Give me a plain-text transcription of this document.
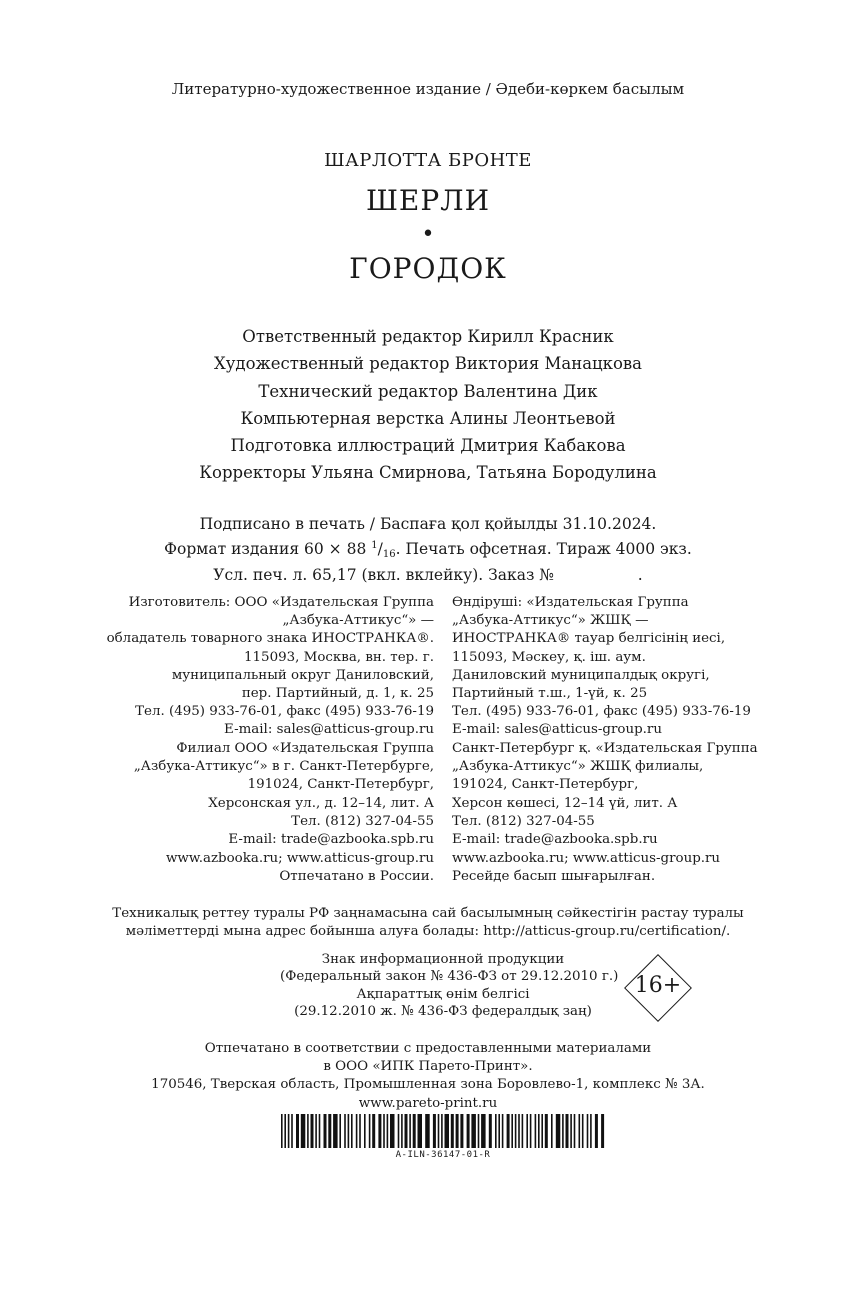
Литературно-художественное издание / Әдеби-көркем басылым
ШАРЛОТТА БРОНТЕ
ШЕРЛИ
•
ГОРОДОК
Ответственный редактор Кирилл Красник
Художественный редактор Виктория Манацкова
Технический редактор Валентина Дик
Компьютерная верстка Алины Леонтьевой
Подготовка иллюстраций Дмитрия Кабакова
Корректоры Ульяна Смирнова, Татьяна Бородулина
Подписано в печать / Баспаға қол қойылды 31.10.2024.
Формат издания 60 × 88 $^1/_{16}$. Печать офсетная. Тираж 4000 экз.
Усл. печ. л. 65,17 (вкл. вклейку). Заказ №                 .
Изготовитель: ООО «Издательская Группа
„Азбука-Аттикус“» —
обладатель товарного знака ИНОСТРАНКА®.
115093, Москва, вн. тер. г.
муниципальный округ Даниловский,
пер. Партийный, д. 1, к. 25
Тел. (495) 933-76-01, факс (495) 933-76-19
E-mail: sales@atticus-group.ru
Филиал ООО «Издательская Группа
„Азбука-Аттикус“» в г. Санкт-Петербурге,
191024, Санкт-Петербург,
Херсонская ул., д. 12–14, лит. А
Тел. (812) 327-04-55
E-mail: trade@azbooka.spb.ru
www.azbooka.ru; www.atticus-group.ru
Отпечатано в России.
Өндіруші: «Издательская Группа
„Азбука-Аттикус“» ЖШҚ —
ИНОСТРАНКА® тауар белгісінің иесі,
115093, Мәскеу, қ. іш. аум.
Даниловский муниципалдық округі,
Партийный т.ш., 1-үй, к. 25
Тел. (495) 933-76-01, факс (495) 933-76-19
E-mail: sales@atticus-group.ru
Санкт-Петербург қ. «Издательская Группа
„Азбука-Аттикус“» ЖШҚ филиалы,
191024, Санкт-Петербург,
Херсон көшесі, 12–14 үй, лит. А
Тел. (812) 327-04-55
E-mail: trade@azbooka.spb.ru
www.azbooka.ru; www.atticus-group.ru
Ресейде басып шығарылған.
Техникалық реттеу туралы РФ заңнамасына сай басылымның сәйкестігін растау туралы
мәліметтерді мына адрес бойынша алуға болады: http://atticus-group.ru/certification/.
Знак информационной продукции
(Федеральный закон № 436-ФЗ от 29.12.2010 г.)
Ақпараттық өнім белгісі
(29.12.2010 ж. № 436-ФЗ федералдық заң)
16+
Отпечатано в соответствии с предоставленными материалами
в ООО «ИПК Парето-Принт».
170546, Тверская область, Промышленная зона Боровлево-1, комплекс № 3А.
www.pareto-print.ru
A-ILN-36147-01-R
